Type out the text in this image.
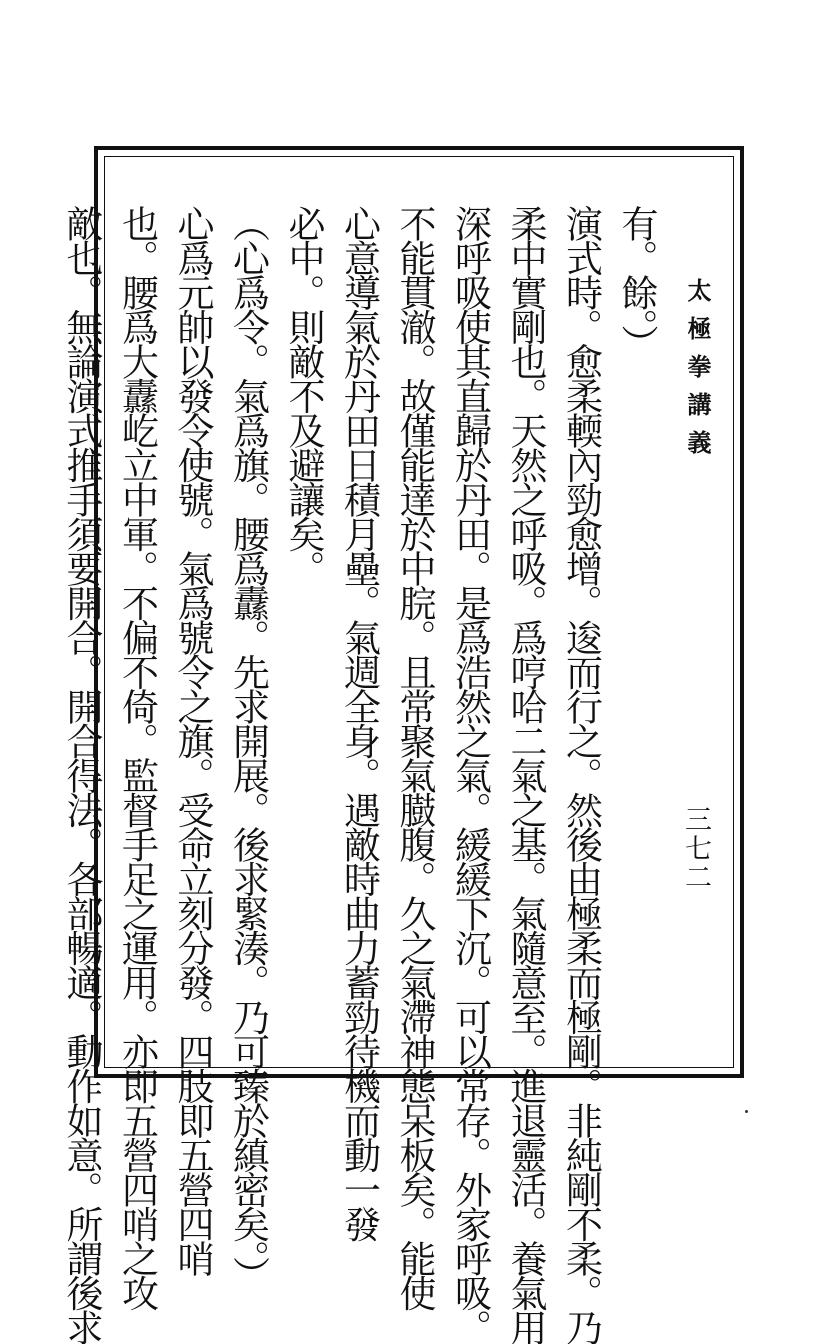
太極拳講義
三七二
有。餘。）
演式時。愈柔輭內勁愈增。逡而行之。然後由極柔而極剛。非純剛不柔。乃
柔中實剛也。天然之呼吸。爲哼哈二氣之基。氣隨意至。進退靈活。養氣用
深呼吸使其直歸於丹田。是爲浩然之氣。緩緩下沉。可以常存。外家呼吸。
不能貫澈。故僅能達於中脘。且常聚氣臌腹。久之氣滯神態呆板矣。能使
心意導氣於丹田日積月壘。氣週全身。遇敵時曲力蓄勁待機而動一發
必中。則敵不及避讓矣。
（心爲令。氣爲旗。腰爲纛。先求開展。後求緊湊。乃可臻於縝密矣。）
心爲元帥以發令使號。氣爲號令之旗。受命立刻分發。四肢即五營四哨
也。腰爲大纛屹立中軍。不偏不倚。監督手足之運用。亦即五營四哨之攻
敵也。無論演式推手須要開合。開合得法。各部暢適。動作如意。所謂後求
